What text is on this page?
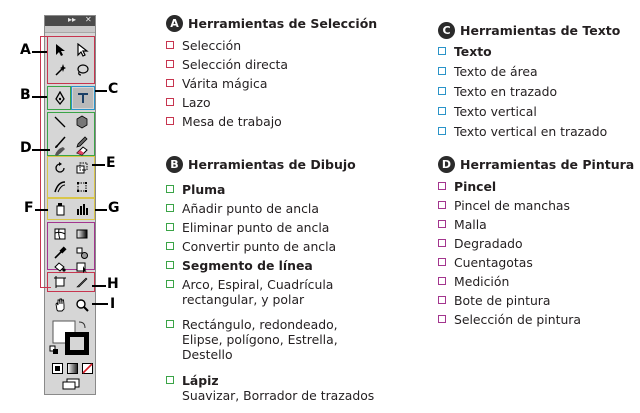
▸▸ ✕
A
B	C
D
E
F	G
H
I
A Herramientas de Selección
Selección
Selección directa
Várita mágica
Lazo
Mesa de trabajo
B Herramientas de Dibujo
Pluma
Añadir punto de ancla
Eliminar punto de ancla
Convertir punto de ancla
Segmento de línea
Arco, Espiral, Cuadrícula
rectangular, y polar
Rectángulo, redondeado,
Elipse, polígono, Estrella,
Destello
Lápiz
Suavizar, Borrador de trazados
C Herramientas de Texto
Texto
Texto de área
Texto en trazado
Texto vertical
Texto vertical en trazado
D Herramientas de Pintura
Pincel
Pincel de manchas
Malla
Degradado
Cuentagotas
Medición
Bote de pintura
Selección de pintura
